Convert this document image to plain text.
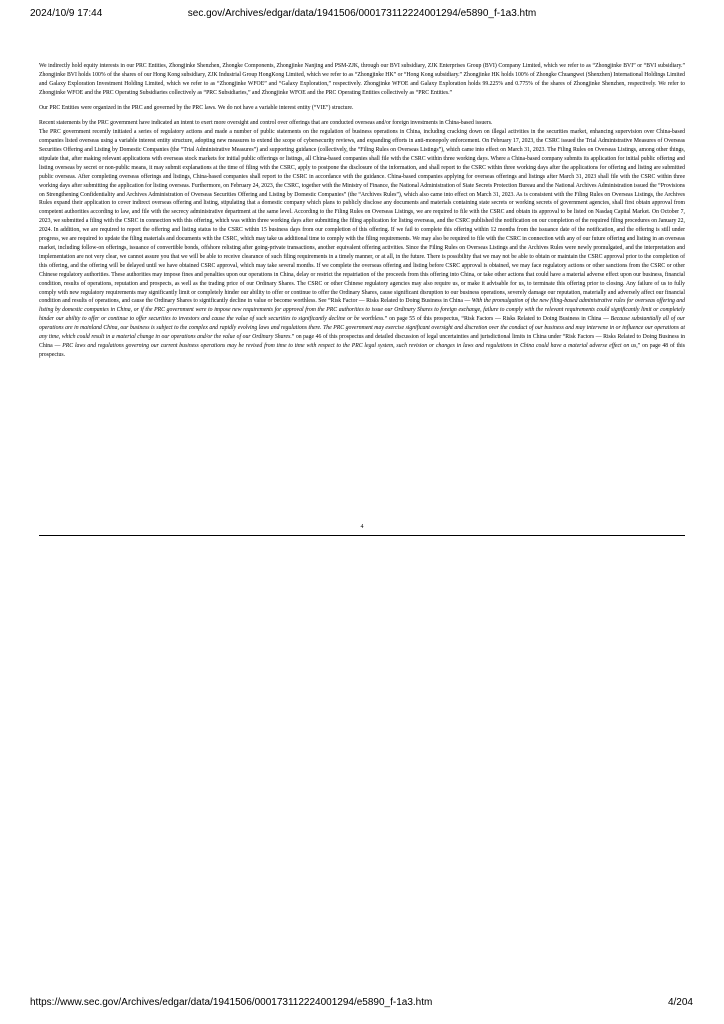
2024/10/9 17:44	sec.gov/Archives/edgar/data/1941506/000173112224001294/e5890_f-1a3.htm

We indirectly hold equity interests in our PRC Entities, Zhongjinke Shenzhen, Zhongke Components, Zhongjinke Nanjing and PSM-ZJK, through our BVI subsidiary, ZJK Enterprises Group (BVI) Company Limited, which we refer to as “Zhongjinke BVI” or “BVI subsidiary.” Zhongjinke BVI holds 100% of the shares of our Hong Kong subsidiary, ZJK Industrial Group HongKong Limited, which we refer to as “Zhongjinke HK” or “Hong Kong subsidiary.” Zhongjinke HK holds 100% of Zhongke Chuangwei (Shenzhen) International Holdings Limited and Galaxy Exploration Investment Holding Limited, which we refer to as “Zhongjinke WFOE” and “Galaxy Exploration,” respectively. Zhongjinke WFOE and Galaxy Exploration holds 99.225% and 0.775% of the shares of Zhongjinke Shenzhen, respectively. We refer to Zhongjinke WFOE and the PRC Operating Subsidiaries collectively as “PRC Subsidiaries,” and Zhongjinke WFOE and the PRC Operating Entities collectively as “PRC Entities.”

Our PRC Entities were organized in the PRC and governed by the PRC laws. We do not have a variable interest entity (“VIE”) structure.

Recent statements by the PRC government have indicated an intent to exert more oversight and control over offerings that are conducted overseas and/or foreign investments in China-based issuers.

The PRC government recently initiated a series of regulatory actions and made a number of public statements on the regulation of business operations in China, including cracking down on illegal activities in the securities market, enhancing supervision over China-based companies listed overseas using a variable interest entity structure, adopting new measures to extend the scope of cybersecurity reviews, and expanding efforts in anti-monopoly enforcement. On February 17, 2023, the CSRC issued the Trial Administrative Measures of Overseas Securities Offering and Listing by Domestic Companies (the “Trial Administrative Measures”) and supporting guidance (collectively, the “Filing Rules on Overseas Listings”), which came into effect on March 31, 2023. The Filing Rules on Overseas Listings, among other things, stipulate that, after making relevant applications with overseas stock markets for initial public offerings or listings, all China-based companies shall file with the CSRC within three working days. Where a China-based company submits its application for initial public offering and listing overseas by secret or non-public means, it may submit explanations at the time of filing with the CSRC, apply to postpone the disclosure of the information, and shall report to the CSRC within three working days after the applications for offering and listing are submitted public overseas. After completing overseas offerings and listings, China-based companies shall report to the CSRC in accordance with the guidance. China-based companies applying for overseas offerings and listings after March 31, 2023 shall file with the CSRC within three working days after submitting the application for listing overseas. Furthermore, on February 24, 2023, the CSRC, together with the Ministry of Finance, the National Administration of State Secrets Protection Bureau and the National Archives Administration issued the “Provisions on Strengthening Confidentiality and Archives Administration of Overseas Securities Offering and Listing by Domestic Companies” (the “Archives Rules”), which also came into effect on March 31, 2023. As is consistent with the Filing Rules on Overseas Listings, the Archives Rules expand their application to cover indirect overseas offering and listing, stipulating that a domestic company which plans to publicly disclose any documents and materials containing state secrets or working secrets of government agencies, shall first obtain approval from competent authorities according to law, and file with the secrecy administrative department at the same level. According to the Filing Rules on Overseas Listings, we are required to file with the CSRC and obtain its approval to be listed on Nasdaq Capital Market. On October 7, 2023, we submitted a filing with the CSRC in connection with this offering, which was within three working days after submitting the filing application for listing overseas, and the CSRC published the notification on our completion of the required filing procedures on January 22, 2024. In addition, we are required to report the offering and listing status to the CSRC within 15 business days from our completion of this offering. If we fail to complete this offering within 12 months from the issuance date of the notification, and the offering is still under progress, we are required to update the filing materials and documents with the CSRC, which may take us additional time to comply with the filing requirements. We may also be required to file with the CSRC in connection with any of our future offering and listing in an overseas market, including follow-on offerings, issuance of convertible bonds, offshore relisting after going-private transactions, another equivalent offering activities. Since the Filing Rules on Overseas Listings and the Archives Rules were newly promulgated, and the interpretation and implementation are not very clear, we cannot assure you that we will be able to receive clearance of such filing requirements in a timely manner, or at all, in the future. There is possibility that we may not be able to obtain or maintain the CSRC approval prior to the completion of this offering, and the offering will be delayed until we have obtained CSRC approval, which may take several months. If we complete the overseas offering and listing before CSRC approval is obtained, we may face regulatory actions or other sanctions from the CSRC or other Chinese regulatory authorities. These authorities may impose fines and penalties upon our operations in China, delay or restrict the repatriation of the proceeds from this offering into China, or take other actions that could have a material adverse effect upon our business, financial condition, results of operations, reputation and prospects, as well as the trading price of our Ordinary Shares. The CSRC or other Chinese regulatory agencies may also require us, or make it advisable for us, to terminate this offering prior to closing. Any failure of us to fully comply with new regulatory requirements may significantly limit or completely hinder our ability to offer or continue to offer the Ordinary Shares, cause significant disruption to our business operations, severely damage our reputation, materially and adversely affect our financial condition and results of operations, and cause the Ordinary Shares to significantly decline in value or become worthless. See “Risk Factor — Risks Related to Doing Business in China — With the promulgation of the new filing-based administrative rules for overseas offering and listing by domestic companies in China, or if the PRC government were to impose new requirements for approval from the PRC authorities to issue our Ordinary Shares to foreign exchange, failure to comply with the relevant requirements could significantly limit or completely hinder our ability to offer or continue to offer securities to investors and cause the value of such securities to significantly decline or be worthless.” on page 55 of this prospectus, “Risk Factors — Risks Related to Doing Business in China — Because substantially all of our operations are in mainland China, our business is subject to the complex and rapidly evolving laws and regulations there. The PRC government may exercise significant oversight and discretion over the conduct of our business and may intervene in or influence our operations at any time, which could result in a material change in our operations and/or the value of our Ordinary Shares.” on page 46 of this prospectus and detailed discussion of legal uncertainties and jurisdictional limits in China under “Risk Factors — Risks Related to Doing Business in China — PRC laws and regulations governing our current business operations may be revised from time to time with respect to the PRC legal system, such revision or changes in laws and regulations in China could have a material adverse effect on us,” on page 48 of this prospectus.

4
https://www.sec.gov/Archives/edgar/data/1941506/000173112224001294/e5890_f-1a3.htm	4/204
